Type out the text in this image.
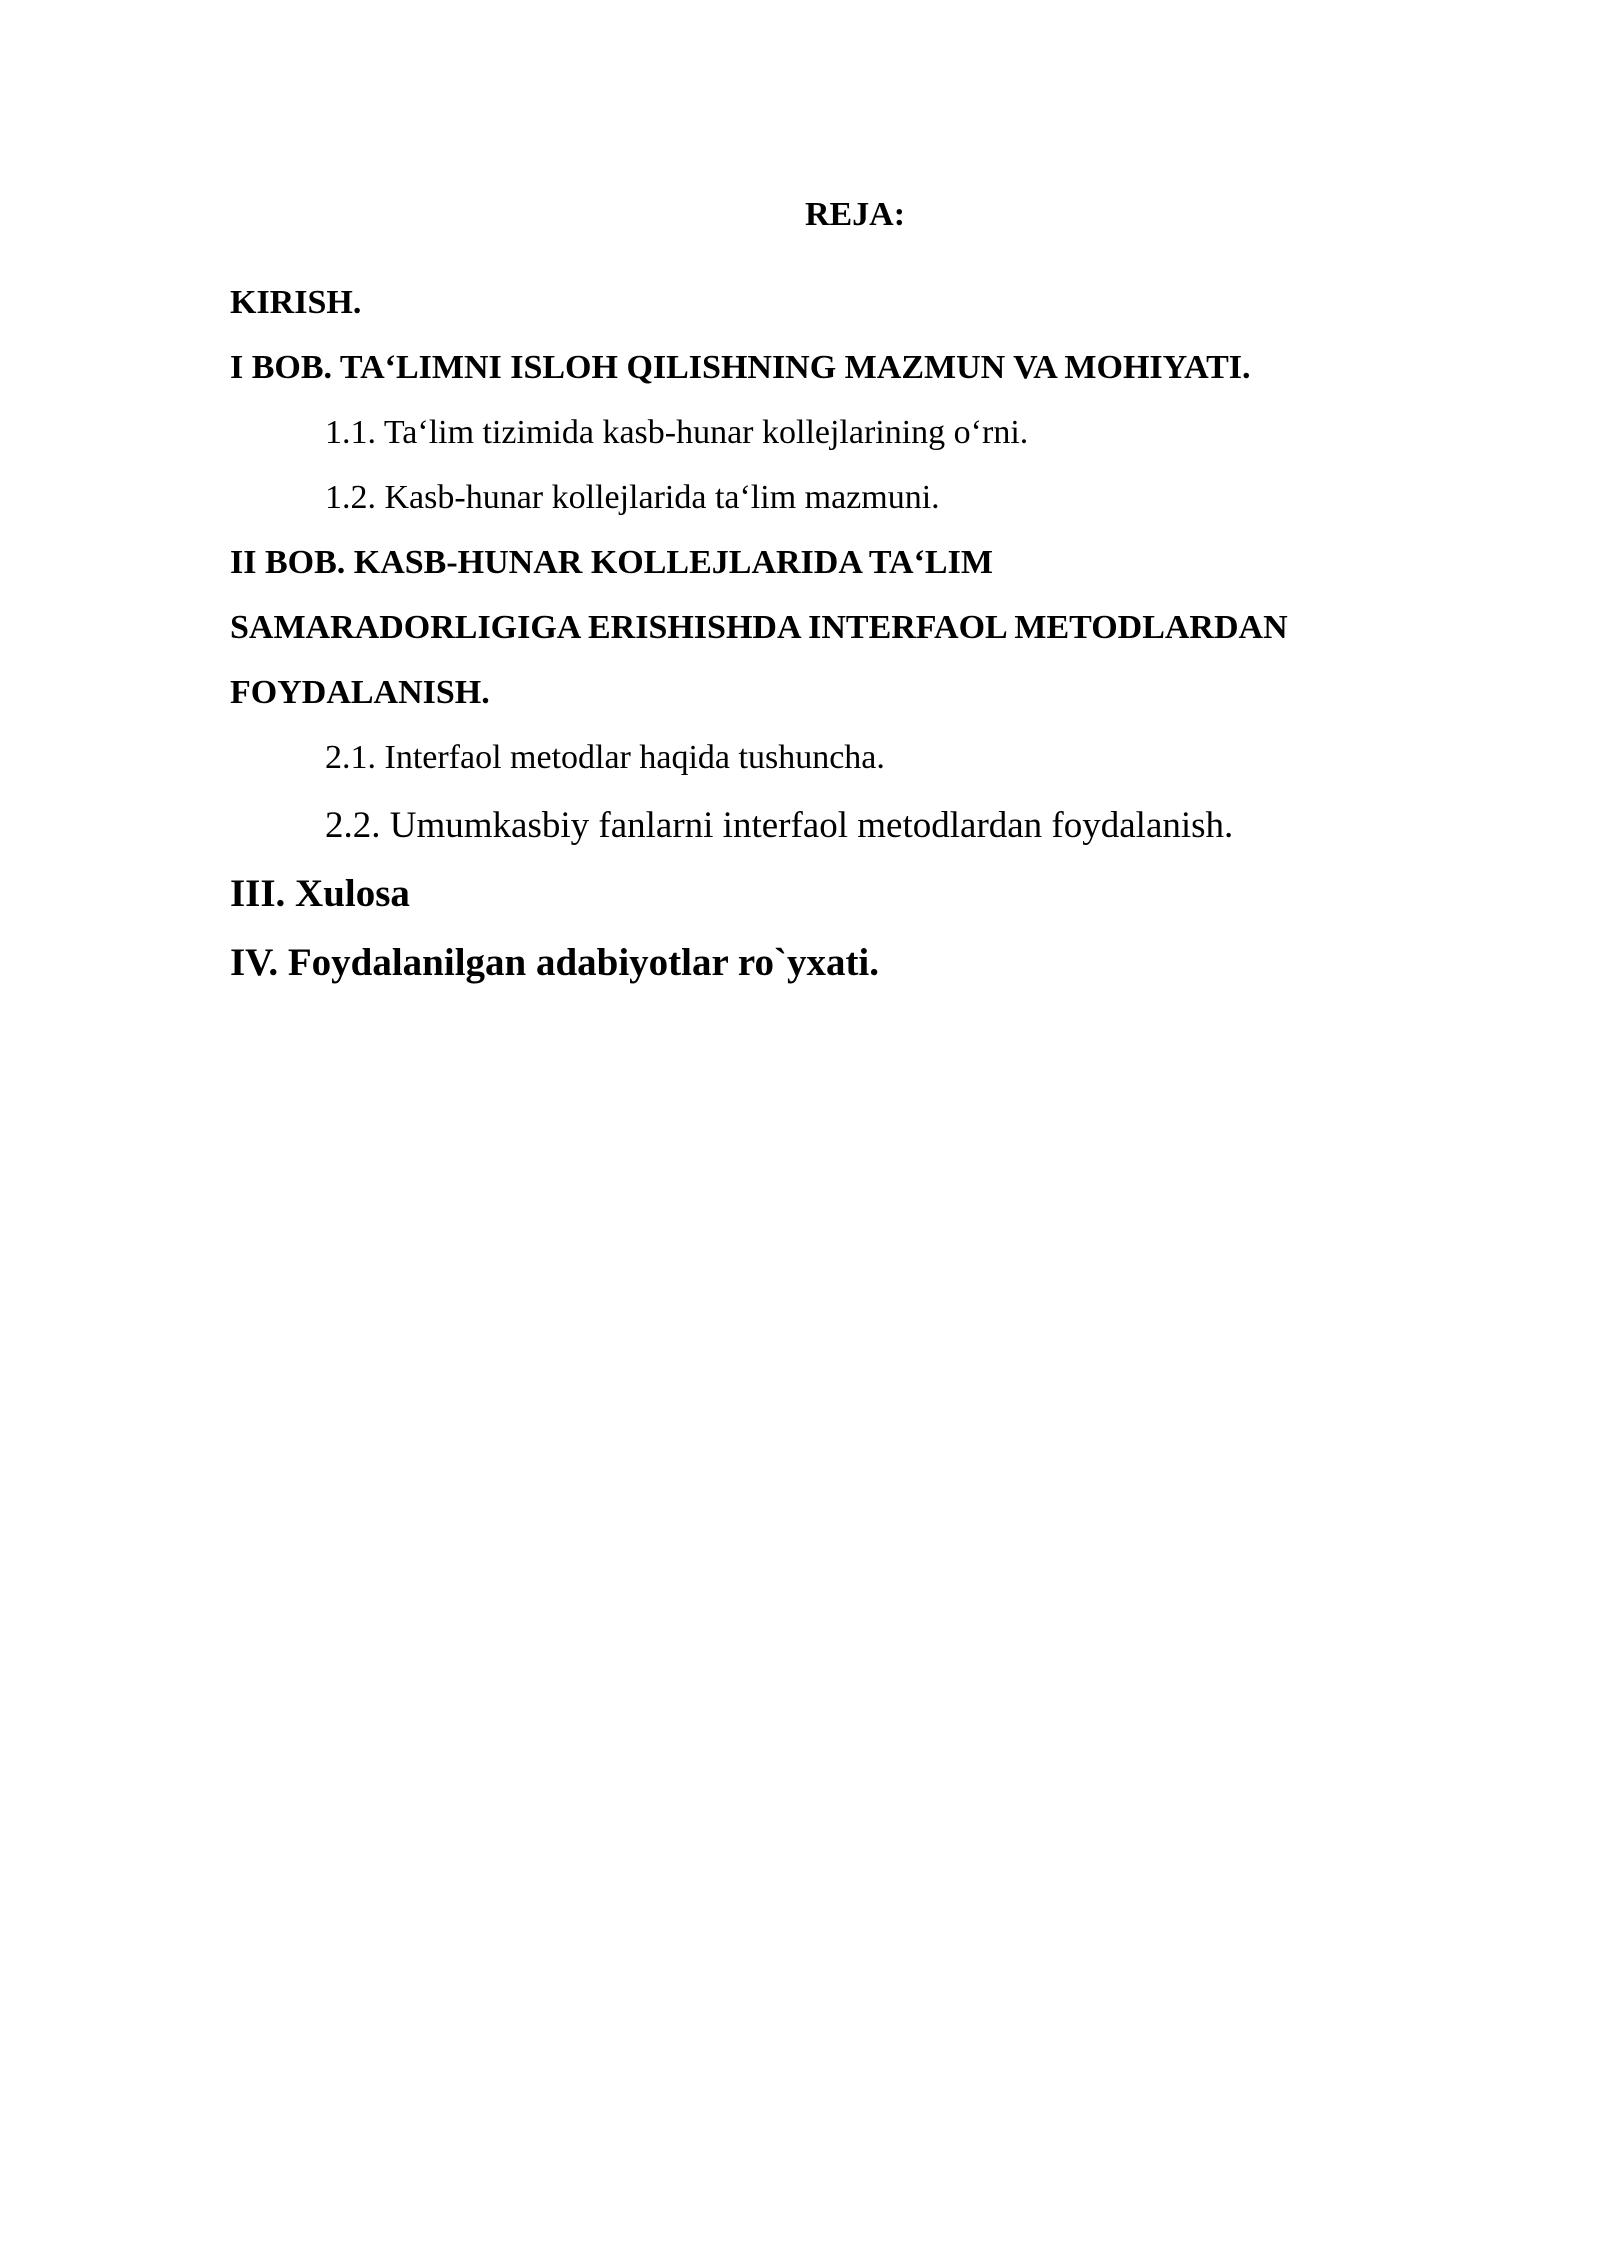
REJA:
KIRISH.
I BOB. TA‘LIMNI ISLOH QILISHNING MAZMUN VA MOHIYATI.
1.1. Ta‘lim tizimida kasb-hunar kollejlarining o‘rni.
1.2. Kasb-hunar kollejlarida ta‘lim mazmuni.
II BOB. KASB-HUNAR KOLLEJLARIDA TA‘LIM
SAMARADORLIGIGA ERISHISHDA INTERFAOL METODLARDAN
FOYDALANISH.
2.1. Interfaol metodlar haqida tushuncha.
2.2. Umumkasbiy fanlarni interfaol metodlardan foydalanish.
III. Xulosa
IV. Foydalanilgan adabiyotlar ro`yxati.
